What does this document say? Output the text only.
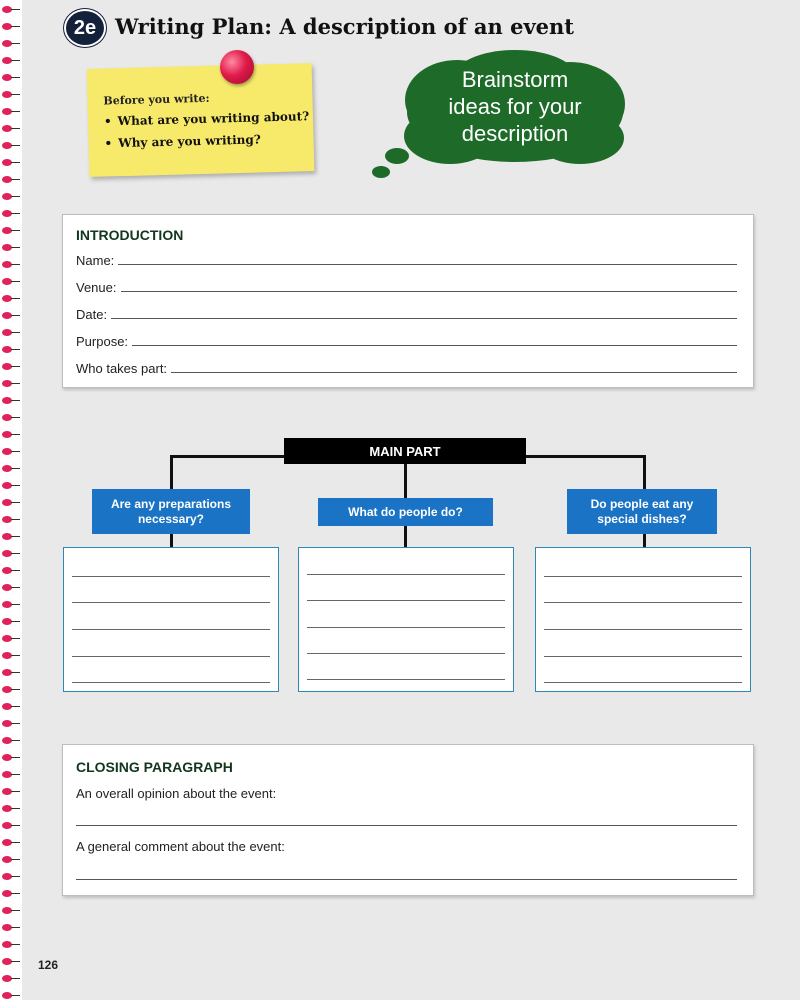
2e Writing Plan: A description of an event
Before you write:
• What are you writing about?
• Why are you writing?
Brainstorm
ideas for your
description
INTRODUCTION
Name:
Venue:
Date:
Purpose:
Who takes part:
MAIN PART
Are any preparations
necessary?	What do people do?
Do people eat any
special dishes?
CLOSING PARAGRAPH
An overall opinion about the event:
A general comment about the event:
126
